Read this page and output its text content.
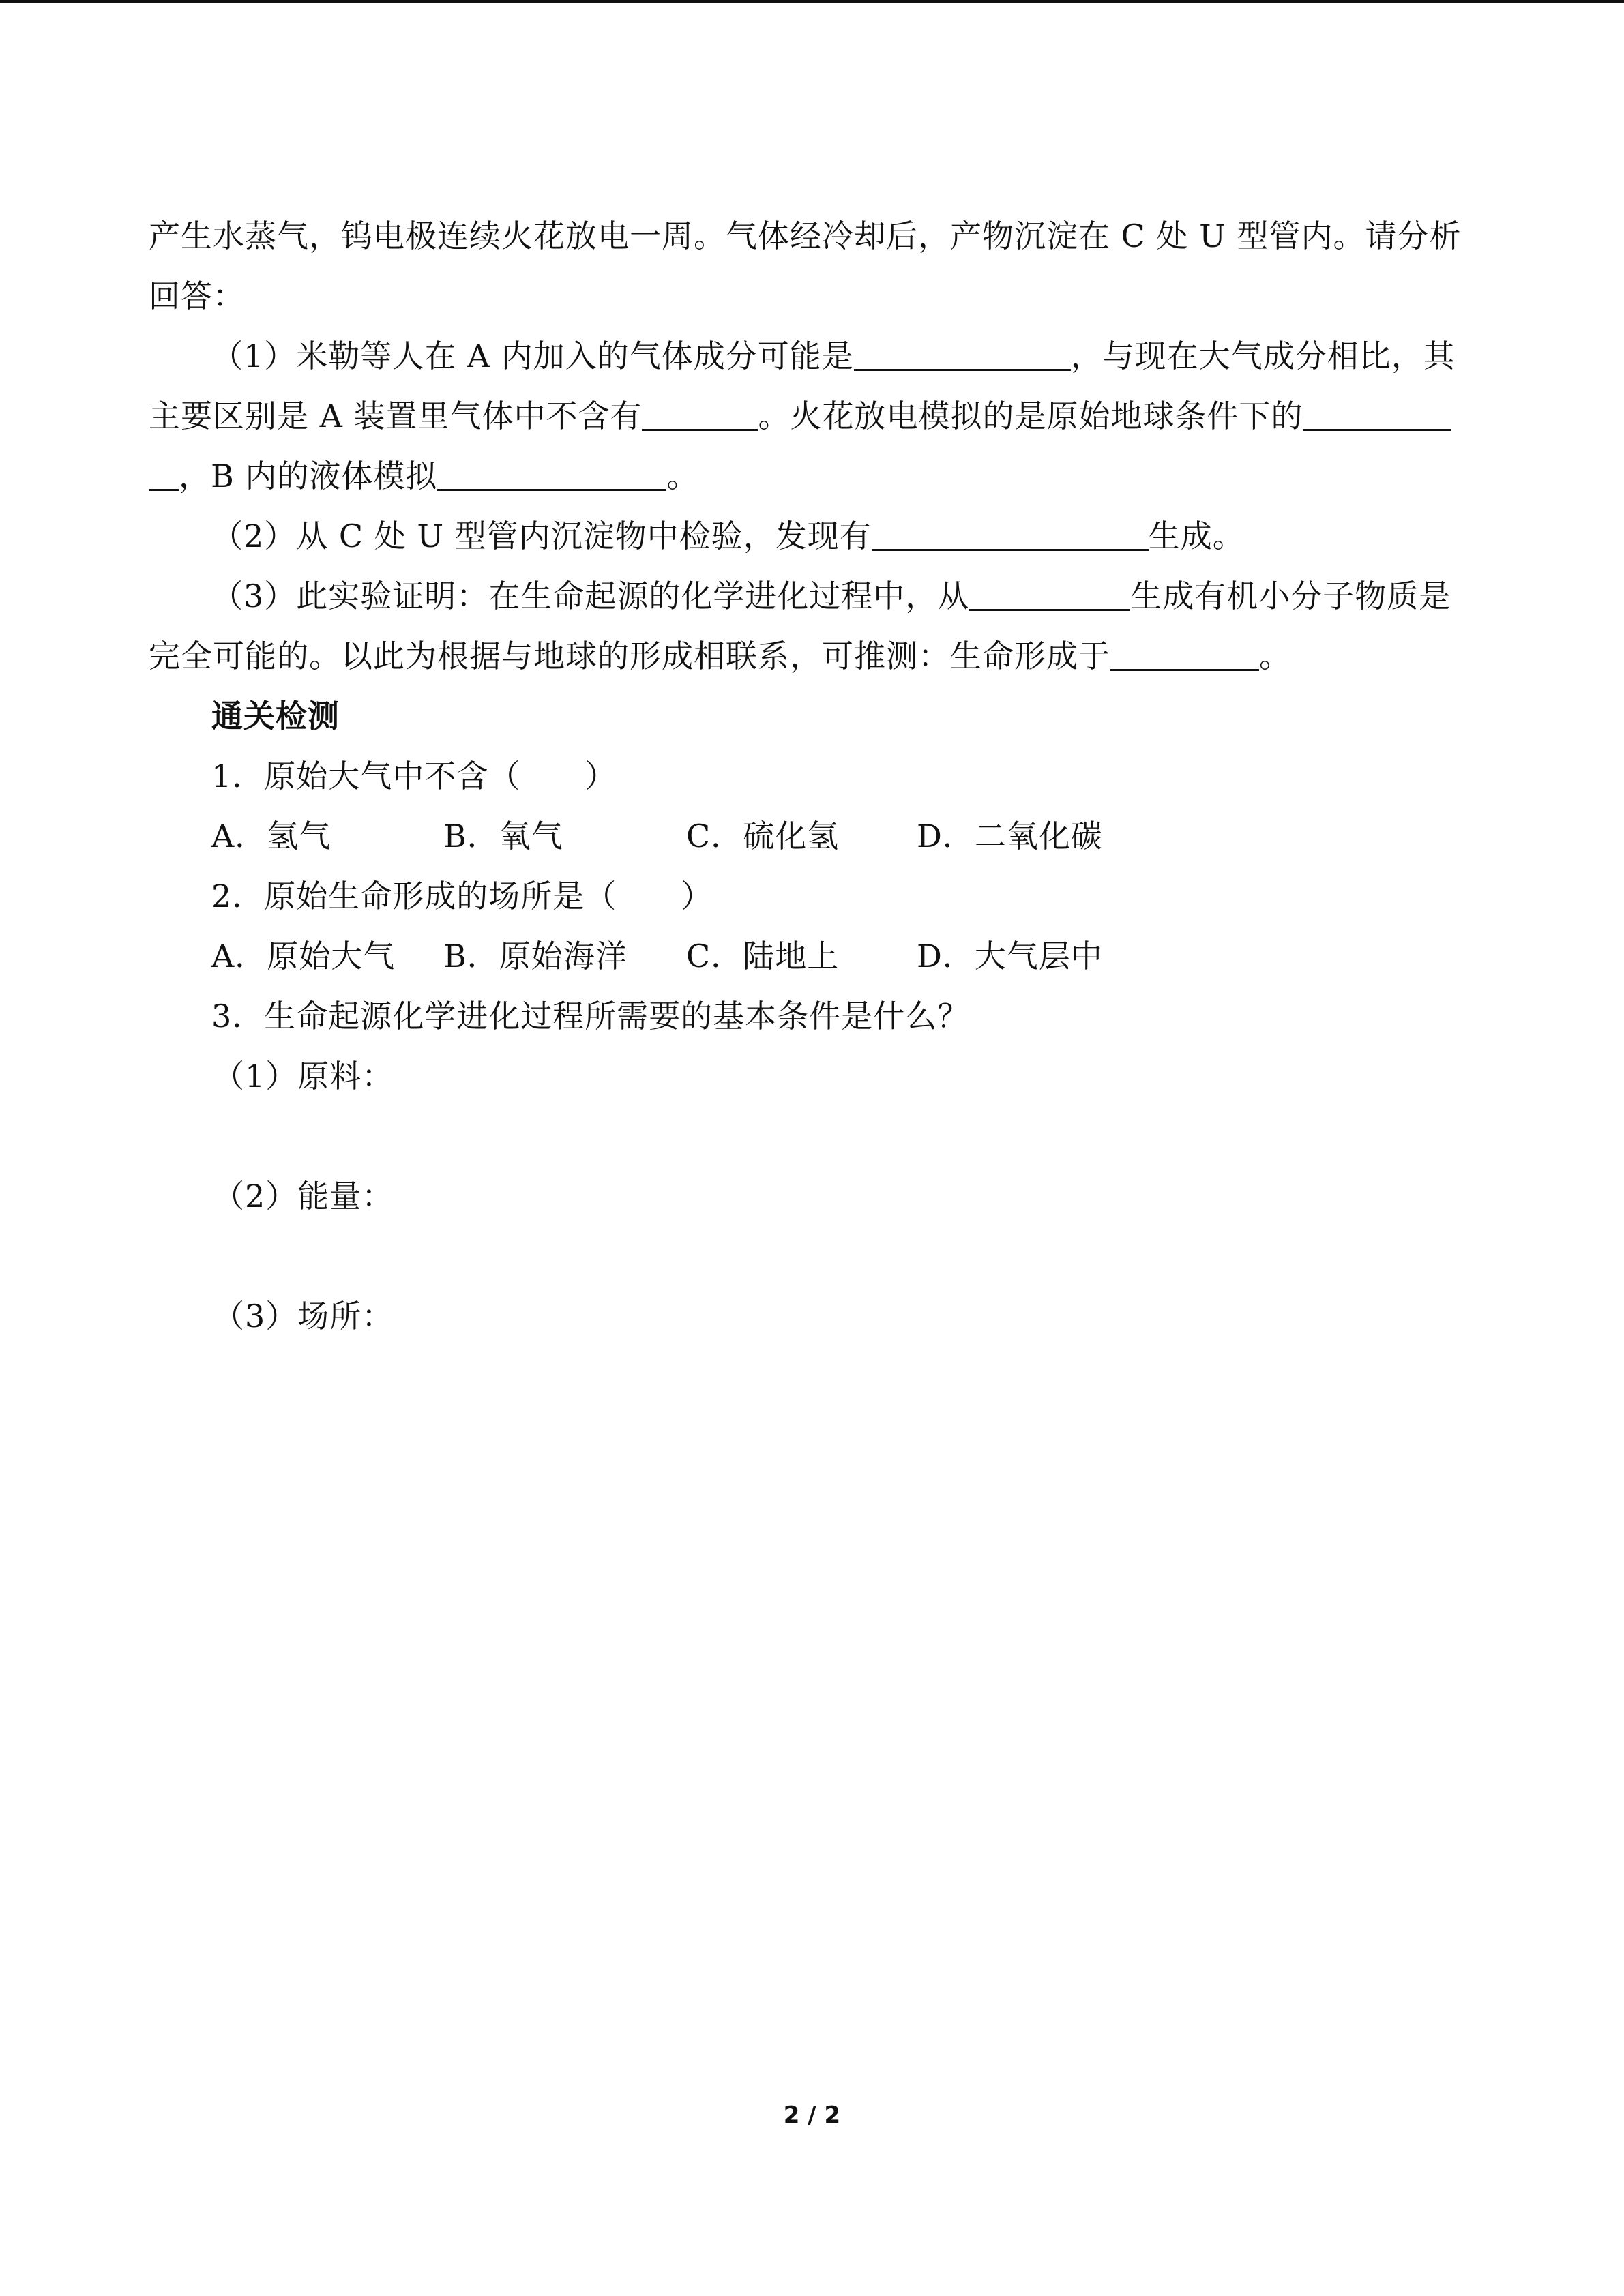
产生水蒸气，钨电极连续火花放电一周。气体经冷却后，产物沉淀在 C 处 U 型管内。请分析
回答：
（1）米勒等人在 A 内加入的气体成分可能是	，与现在大气成分相比，其
主要区别是 A 装置里气体中不含有	。火花放电模拟的是原始地球条件下的
，B 内的液体模拟	。
（2）从 C 处 U 型管内沉淀物中检验，发现有	生成。
（3）此实验证明：在生命起源的化学进化过程中，从	生成有机小分子物质是
完全可能的。以此为根据与地球的形成相联系，可推测：生命形成于	。
通关检测
1．原始大气中不含（　　）
A．氢气	B．氧气	C．硫化氢 D．二氧化碳
2．原始生命形成的场所是（　　）
A．原始大气 B．原始海洋 C．陆地上 D．大气层中
3．生命起源化学进化过程所需要的基本条件是什么？
（1）原料：
（2）能量：
（3）场所：
2 / 2
